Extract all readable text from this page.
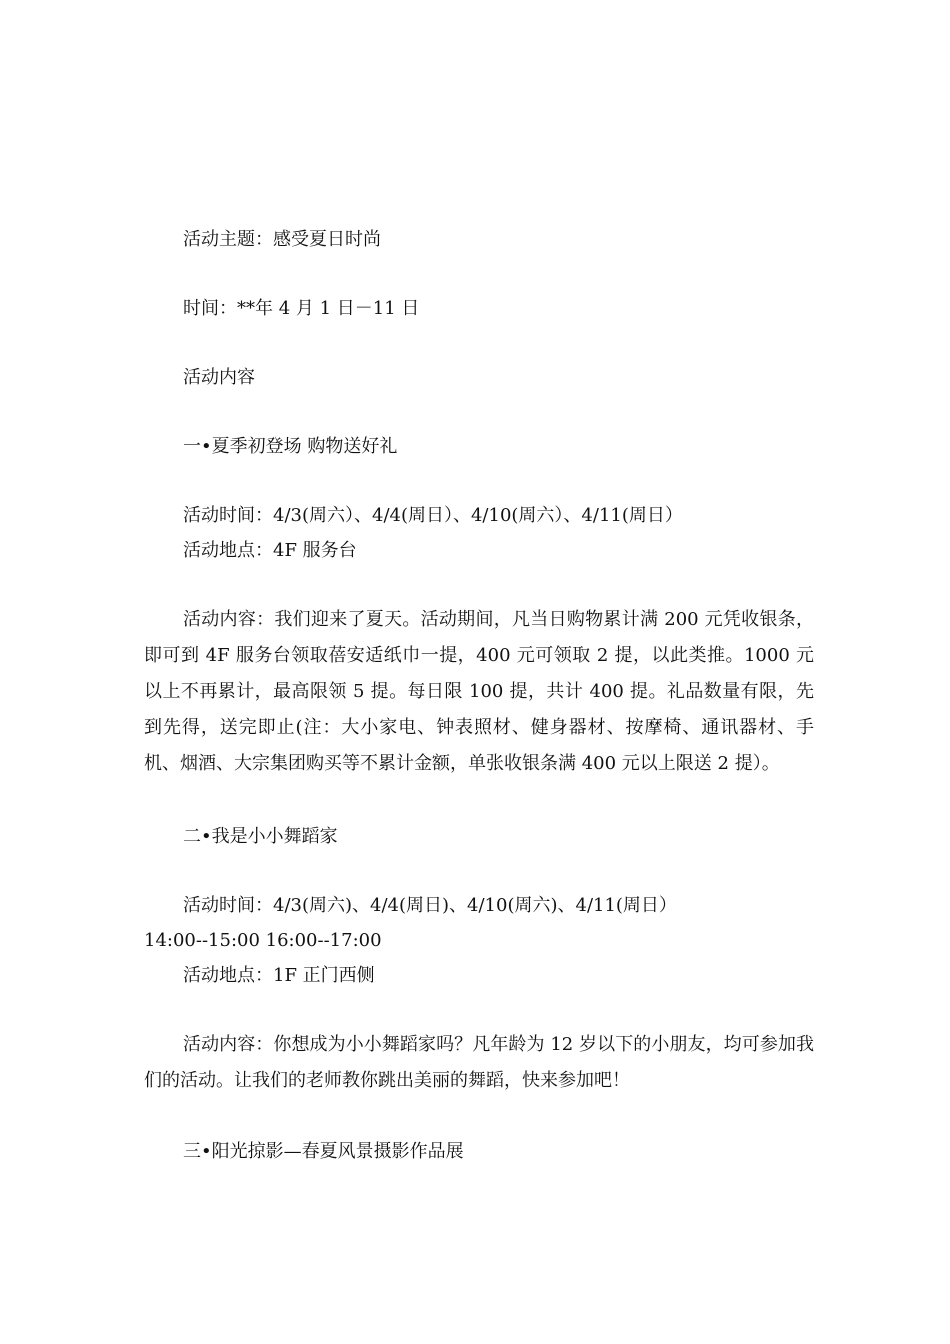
活动主题：感受夏日时尚
时间：**年 4 月 1 日－11 日
活动内容
一•夏季初登场 购物送好礼
活动时间：4/3(周六）、4/4(周日）、4/10(周六）、4/11(周日）
活动地点：4F 服务台
活动内容：我们迎来了夏天。活动期间，凡当日购物累计满 200 元凭收银条，即可到 4F 服务台领取蓓安适纸巾一提，400 元可领取 2 提，以此类推。1000 元以上不再累计，最高限领 5 提。每日限 100 提，共计 400 提。礼品数量有限，先到先得，送完即止(注：大小家电、钟表照材、健身器材、按摩椅、通讯器材、手机、烟酒、大宗集团购买等不累计金额，单张收银条满 400 元以上限送 2 提）。
二•我是小小舞蹈家
活动时间：4/3(周六)、4/4(周日)、4/10(周六)、4/11(周日）
14:00--15:00 16:00--17:00
活动地点：1F 正门西侧
活动内容：你想成为小小舞蹈家吗？凡年龄为 12 岁以下的小朋友，均可参加我们的活动。让我们的老师教你跳出美丽的舞蹈，快来参加吧！
三•阳光掠影—春夏风景摄影作品展
